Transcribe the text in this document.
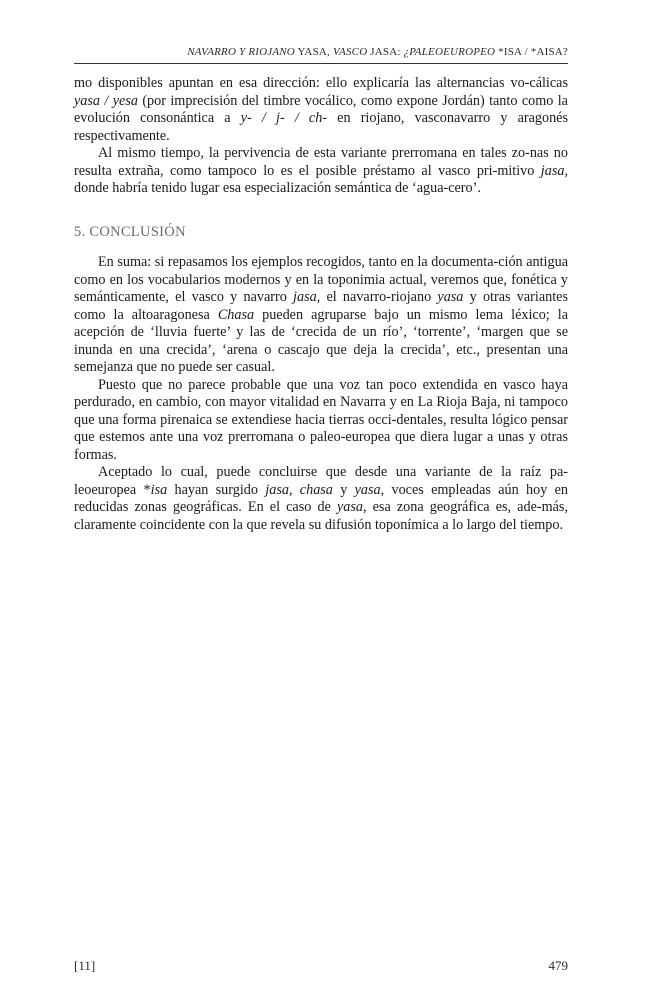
NAVARRO Y RIOJANO YASA, VASCO JASA: ¿PALEOEUROPEO *ISA / *AISA?

mo disponibles apuntan en esa dirección: ello explicaría las alternancias vo-cálicas yasa / yesa (por imprecisión del timbre vocálico, como expone Jordán) tanto como la evolución consonántica a y- / j- / ch- en riojano, vasconavarro y aragonés respectivamente.

Al mismo tiempo, la pervivencia de esta variante prerromana en tales zo-nas no resulta extraña, como tampoco lo es el posible préstamo al vasco pri-mitivo jasa, donde habría tenido lugar esa especialización semántica de ‘agua-cero’.

5. CONCLUSIÓN

En suma: si repasamos los ejemplos recogidos, tanto en la documenta-ción antigua como en los vocabularios modernos y en la toponimia actual, veremos que, fonética y semánticamente, el vasco y navarro jasa, el navarro-riojano yasa y otras variantes como la altoaragonesa Chasa pueden agruparse bajo un mismo lema léxico; la acepción de ‘lluvia fuerte’ y las de ‘crecida de un río’, ‘torrente’, ‘margen que se inunda en una crecida’, ‘arena o cascajo que deja la crecida’, etc., presentan una semejanza que no puede ser casual.

Puesto que no parece probable que una voz tan poco extendida en vasco haya perdurado, en cambio, con mayor vitalidad en Navarra y en La Rioja Baja, ni tampoco que una forma pirenaica se extendiese hacia tierras occi-dentales, resulta lógico pensar que estemos ante una voz prerromana o paleo-europea que diera lugar a unas y otras formas.

Aceptado lo cual, puede concluirse que desde una variante de la raíz pa-leoeuropea *isa hayan surgido jasa, chasa y yasa, voces empleadas aún hoy en reducidas zonas geográficas. En el caso de yasa, esa zona geográfica es, ade-más, claramente coincidente con la que revela su difusión toponímica a lo largo del tiempo.

[11]	479
